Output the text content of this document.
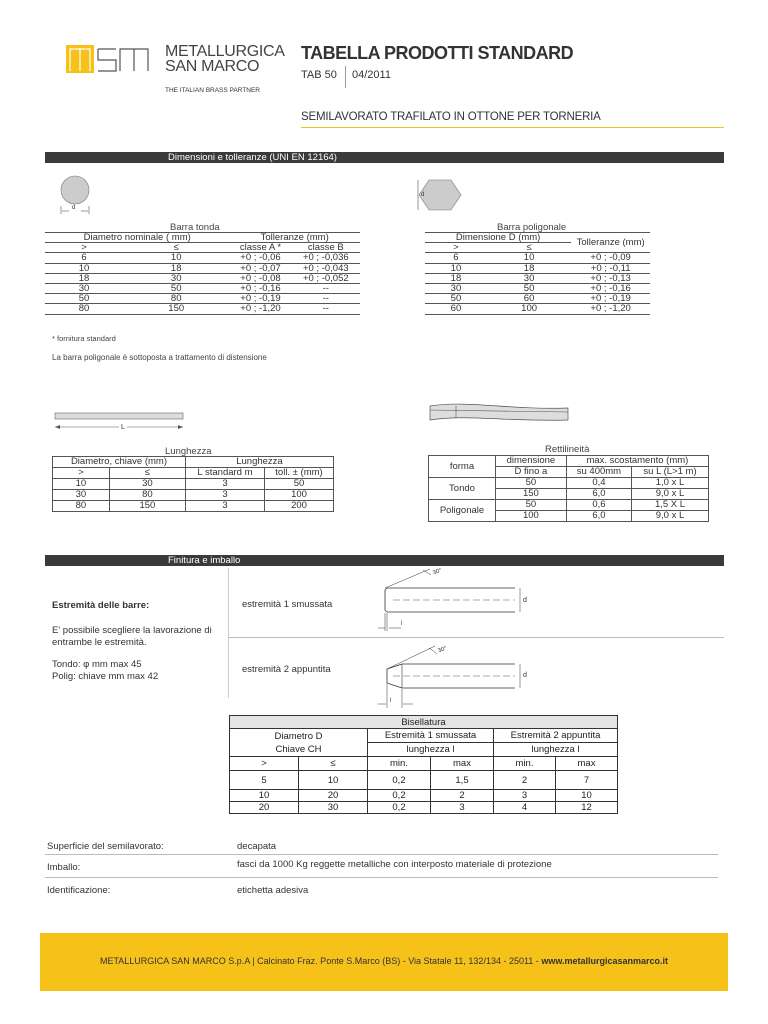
METALLURGICA
SAN MARCO
THE ITALIAN BRASS PARTNER
TABELLA PRODOTTI STANDARD
TAB 50 04/2011
SEMILAVORATO TRAFILATO IN OTTONE PER TORNERIA
Dimensioni e tolleranze (UNI EN 12164)
d
d
Barra tonda
Diametro nominale ( mm)		Tolleranze (mm)	
>	≤	classe A *	classe B
6	10	+0 ; -0,06	+0 ; -0,036
10	18	+0 ; -0,07	+0 ; -0,043
18	30	+0 ; -0,08	+0 ; -0,052
30	50	+0 ; -0,16	--
50	80	+0 ; -0,19	--
80	150	+0 ; -1,20	--
Barra poligonale
Dimensione D (mm)		Tolleranze (mm)
>	≤	
6	10	+0 ; -0,09
10	18	+0 ; -0,11
18	30	+0 ; -0,13
30	50	+0 ; -0,16
50	60	+0 ; -0,19
60	100	+0 ; -1,20
* fornitura standard
La barra poligonale è sottoposta a trattamento di distensione
L
Lunghezza
Diametro, chiave (mm)		Lunghezza	
>	≤	L standard m	toll. ± (mm)
10	30	3	50
30	80	3	100
80	150	3	200
Rettilineità
forma	dimensione	max. scostamento (mm)	
	D fino a	su 400mm	su L (L>1 m)
Tondo	50	0,4	1,0 x L
	150	6,0	9,0 x L
Poligonale	50	0,6	1,5 X L
	100	6,0	9,0 x L
Finitura e imballo
Estremità delle barre:
E' possibile scegliere la lavorazione di entrambe le estremità.
Tondo: φ mm max 45
Polig: chiave mm max 42
estremità 1 smussata
estremità 2 appuntita
30°
d
l
30°
d
l
Bisellatura					

Diametro D
Chiave CH		Estremità 1 smussata		Estremità 2 appuntita	
		lunghezza l		lunghezza l	
>	≤	min.	max	min.	max
5	10	0,2	1,5	2	7
10	20	0,2	2	3	10
20	30	0,2	3	4	12
Superficie del semilavorato:	decapata
Imballo:	fasci da 1000 Kg reggette metalliche con interposto materiale di protezione
Identificazione:	etichetta adesiva
METALLURGICA SAN MARCO S.p.A | Calcinato Fraz. Ponte S.Marco (BS) - Via Statale 11, 132/134 - 25011 - www.metallurgicasanmarco.it
